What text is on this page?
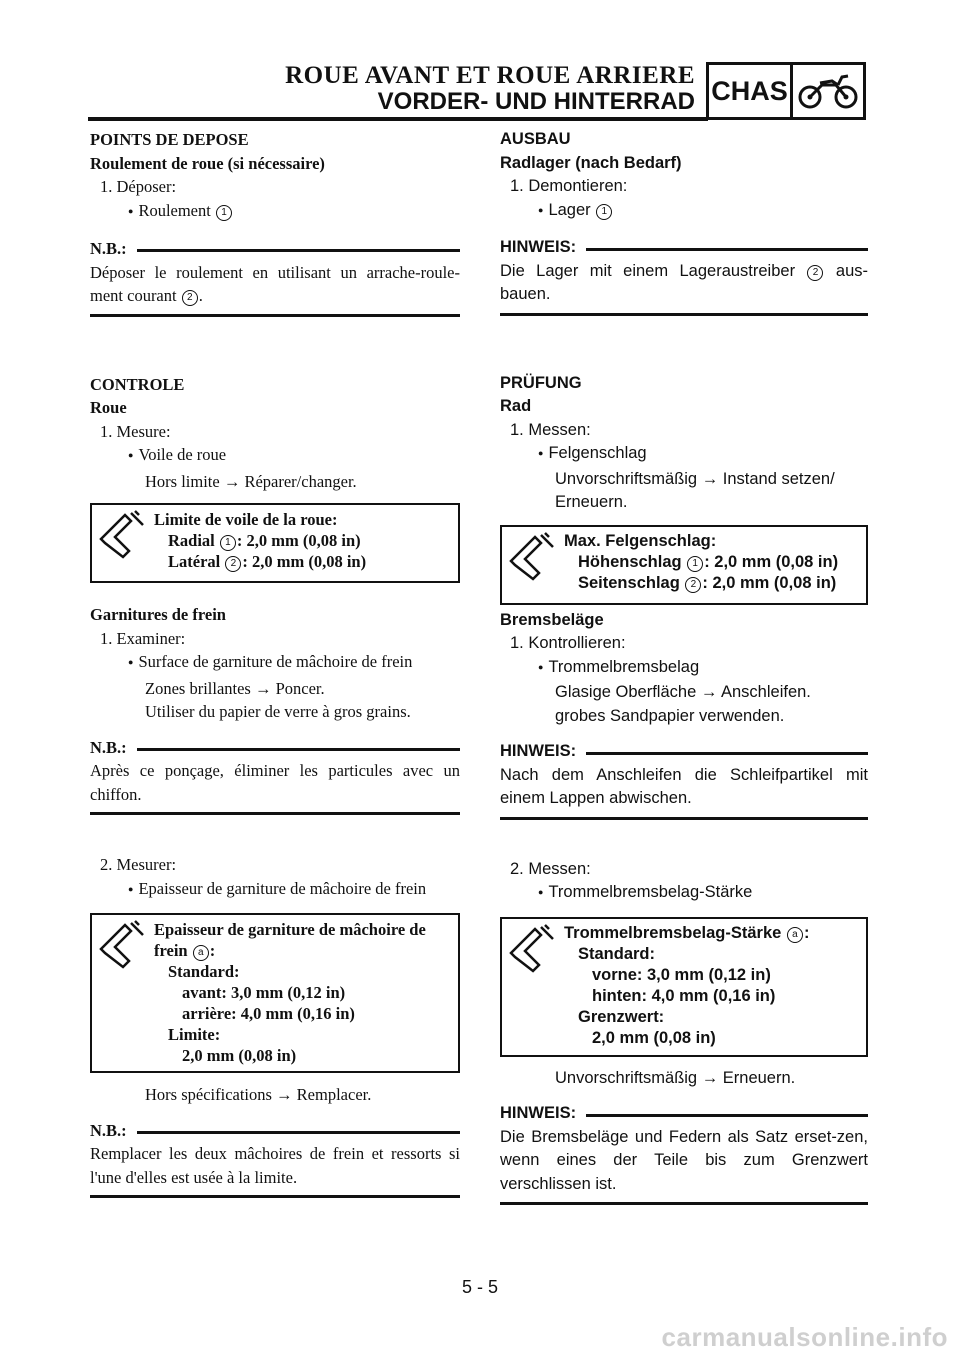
ROUE AVANT ET ROUE ARRIERE
VORDER- UND HINTERRAD CHAS
POINTS DE DEPOSE
Roulement de roue (si nécessaire)
1. Déposer:
● Roulement 1
N.B.:
Déposer le roulement en utilisant un arrache-roule-ment courant 2 .
CONTROLE
Roue
1. Mesure:
● Voile de roue
Hors limite → Réparer/changer.
Limite de voile de la roue:
Radial 1 : 2,0 mm (0,08 in)
Latéral 2 : 2,0 mm (0,08 in)
Garnitures de frein
1. Examiner:
● Surface de garniture de mâchoire de frein
Zones brillantes → Poncer.
Utiliser du papier de verre à gros grains.
N.B.:
Après ce ponçage, éliminer les particules avec un chiffon.
2. Mesurer:
● Epaisseur de garniture de mâchoire de frein
Epaisseur de garniture de mâchoire de frein a :
Standard:
avant: 3,0 mm (0,12 in)
arrière: 4,0 mm (0,16 in)
Limite:
2,0 mm (0,08 in)
Hors spécifications → Remplacer.
N.B.:
Remplacer les deux mâchoires de frein et ressorts si l'une d'elles est usée à la limite.
AUSBAU
Radlager (nach Bedarf)
1. Demontieren:
● Lager 1
HINWEIS:
Die Lager mit einem Lageraustreiber 2 aus-bauen.
PRÜFUNG
Rad
1. Messen:
● Felgenschlag
Unvorschriftsmäßig → Instand setzen/ Erneuern.
Max. Felgenschlag:
Höhenschlag 1 : 2,0 mm (0,08 in)
Seitenschlag 2 : 2,0 mm (0,08 in)
Bremsbeläge
1. Kontrollieren:
● Trommelbremsbelag
Glasige Oberfläche → Anschleifen.
grobes Sandpapier verwenden.
HINWEIS:
Nach dem Anschleifen die Schleifpartikel mit einem Lappen abwischen.
2. Messen:
● Trommelbremsbelag-Stärke
Trommelbremsbelag-Stärke a :
Standard:
vorne: 3,0 mm (0,12 in)
hinten: 4,0 mm (0,16 in)
Grenzwert:
2,0 mm (0,08 in)
Unvorschriftsmäßig → Erneuern.
HINWEIS:
Die Bremsbeläge und Federn als Satz erset-zen, wenn eines der Teile bis zum Grenzwert verschlissen ist.
5 - 5
carmanualsonline.info
